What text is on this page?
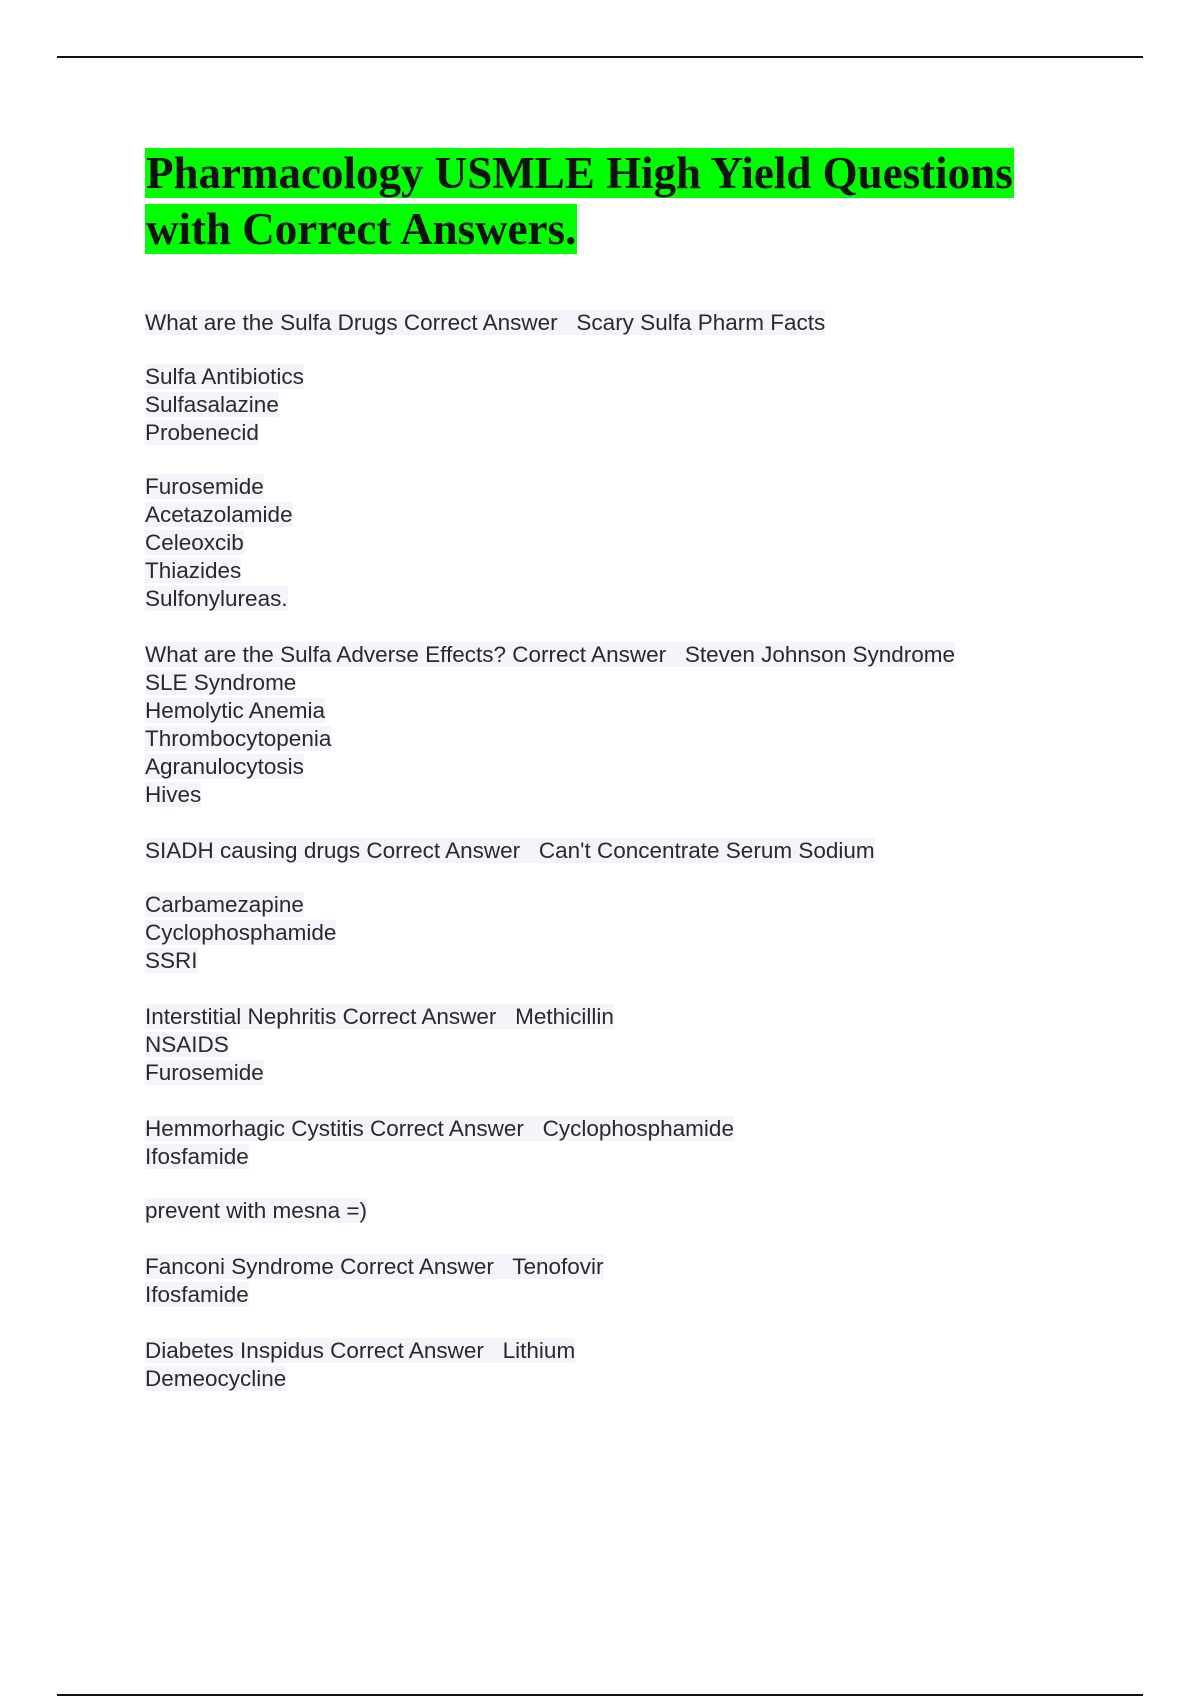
Pharmacology USMLE High Yield Questions with Correct Answers.
What are the Sulfa Drugs Correct Answer   Scary Sulfa Pharm Facts
Sulfa Antibiotics
Sulfasalazine
Probenecid
Furosemide
Acetazolamide
Celeoxcib
Thiazides
Sulfonylureas.
What are the Sulfa Adverse Effects? Correct Answer   Steven Johnson Syndrome
SLE Syndrome
Hemolytic Anemia
Thrombocytopenia
Agranulocytosis
Hives
SIADH causing drugs Correct Answer   Can't Concentrate Serum Sodium
Carbamezapine
Cyclophosphamide
SSRI
Interstitial Nephritis Correct Answer   Methicillin
NSAIDS
Furosemide
Hemmorhagic Cystitis Correct Answer   Cyclophosphamide
Ifosfamide
prevent with mesna =)
Fanconi Syndrome Correct Answer   Tenofovir
Ifosfamide
Diabetes Inspidus Correct Answer   Lithium
Demeocycline
